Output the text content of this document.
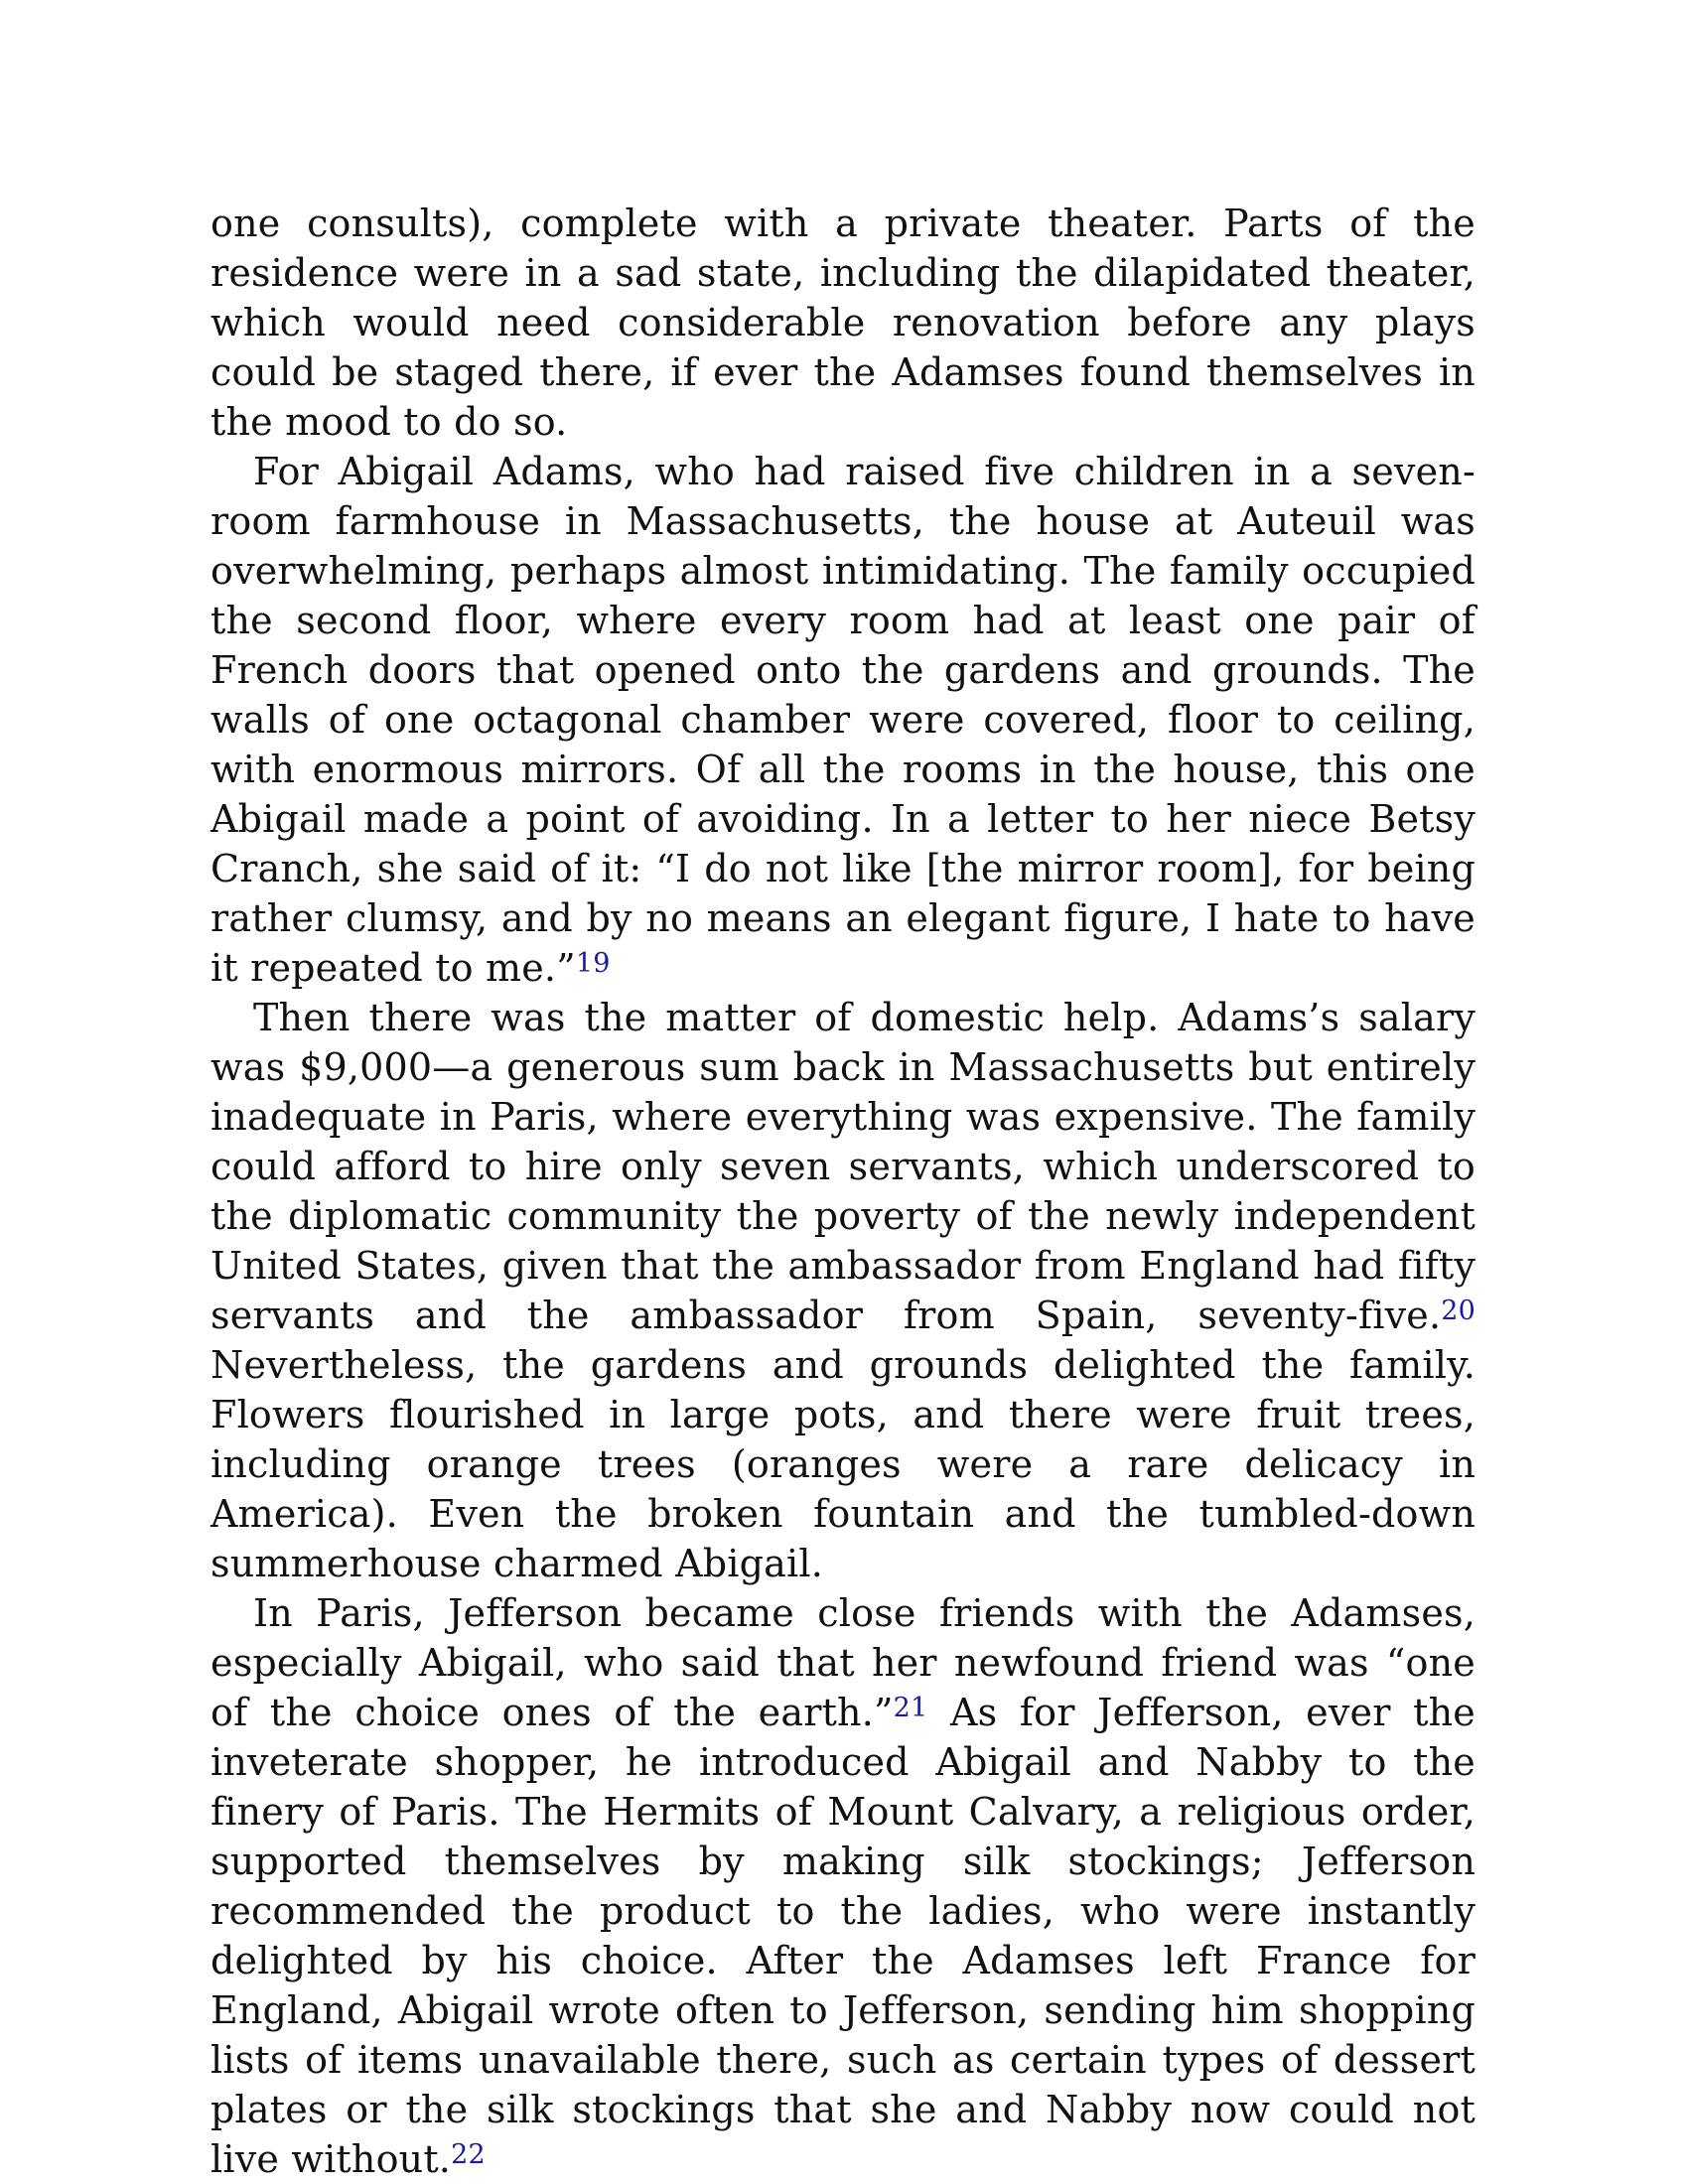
one consults), complete with a private theater. Parts of the residence were in a sad state, including the dilapidated theater, which would need considerable renovation before any plays could be staged there, if ever the Adamses found themselves in the mood to do so.

For Abigail Adams, who had raised five children in a seven-room farmhouse in Massachusetts, the house at Auteuil was overwhelming, perhaps almost intimidating. The family occupied the second floor, where every room had at least one pair of French doors that opened onto the gardens and grounds. The walls of one octagonal chamber were covered, floor to ceiling, with enormous mirrors. Of all the rooms in the house, this one Abigail made a point of avoiding. In a letter to her niece Betsy Cranch, she said of it: “I do not like [the mirror room], for being rather clumsy, and by no means an elegant figure, I hate to have it repeated to me.”$^{19}$

Then there was the matter of domestic help. Adams’s salary was $9,000—a generous sum back in Massachusetts but entirely inadequate in Paris, where everything was expensive. The family could afford to hire only seven servants, which underscored to the diplomatic community the poverty of the newly independent United States, given that the ambassador from England had fifty servants and the ambassador from Spain, seventy-five.$^{20}$ Nevertheless, the gardens and grounds delighted the family. Flowers flourished in large pots, and there were fruit trees, including orange trees (oranges were a rare delicacy in America). Even the broken fountain and the tumbled-down summerhouse charmed Abigail.

In Paris, Jefferson became close friends with the Adamses, especially Abigail, who said that her newfound friend was “one of the choice ones of the earth.”$^{21}$ As for Jefferson, ever the inveterate shopper, he introduced Abigail and Nabby to the finery of Paris. The Hermits of Mount Calvary, a religious order, supported themselves by making silk stockings; Jefferson recommended the product to the ladies, who were instantly delighted by his choice. After the Adamses left France for England, Abigail wrote often to Jefferson, sending him shopping lists of items unavailable there, such as certain types of dessert plates or the silk stockings that she and Nabby now could not live without.$^{22}$
